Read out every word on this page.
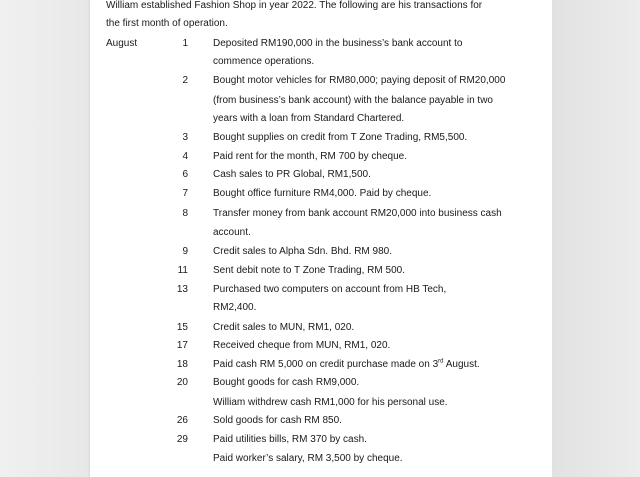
William established Fashion Shop in year 2022. The following are his transactions for
the first month of operation.
August	1	Deposited RM190,000 in the business’s bank account to
commence operations.
2	Bought motor vehicles for RM80,000; paying deposit of RM20,000
(from business’s bank account) with the balance payable in two
years with a loan from Standard Chartered.
3	Bought supplies on credit from T Zone Trading, RM5,500.
4	Paid rent for the month, RM 700 by cheque.
6	Cash sales to PR Global, RM1,500.
7	Bought office furniture RM4,000. Paid by cheque.
8	Transfer money from bank account RM20,000 into business cash
account.
9	Credit sales to Alpha Sdn. Bhd. RM 980.
11	Sent debit note to T Zone Trading, RM 500.
13	Purchased two computers on account from HB Tech,
RM2,400.
15	Credit sales to MUN, RM1, 020.
17	Received cheque from MUN, RM1, 020.
18	Paid cash RM 5,000 on credit purchase made on 3rd August.
20	Bought goods for cash RM9,000.
William withdrew cash RM1,000 for his personal use.
26	Sold goods for cash RM 850.
29	Paid utilities bills, RM 370 by cash.
Paid worker’s salary, RM 3,500 by cheque.
